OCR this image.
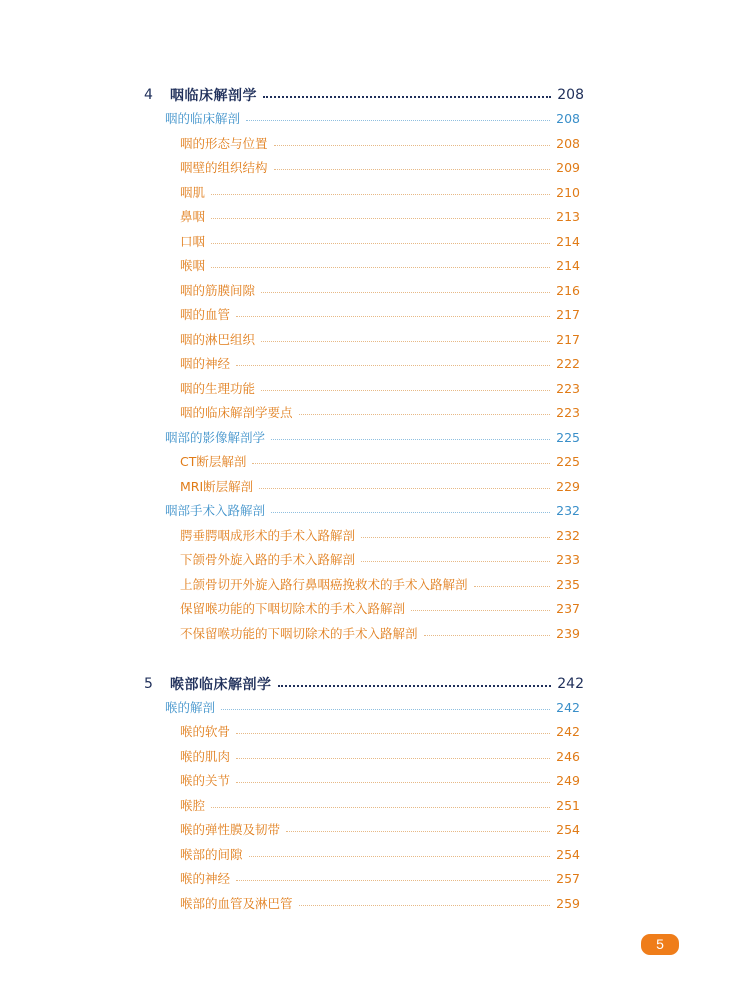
4	咽临床解剖学	208
咽的临床解剖	208
咽的形态与位置	208
咽壁的组织结构	209
咽肌	210
鼻咽	213
口咽	214
喉咽	214
咽的筋膜间隙	216
咽的血管	217
咽的淋巴组织	217
咽的神经	222
咽的生理功能	223
咽的临床解剖学要点	223
咽部的影像解剖学	225
CT断层解剖	225
MRI断层解剖	229
咽部手术入路解剖	232
腭垂腭咽成形术的手术入路解剖	232
下颌骨外旋入路的手术入路解剖	233
上颌骨切开外旋入路行鼻咽癌挽救术的手术入路解剖	235
保留喉功能的下咽切除术的手术入路解剖	237
不保留喉功能的下咽切除术的手术入路解剖	239
5	喉部临床解剖学	242
喉的解剖	242
喉的软骨	242
喉的肌肉	246
喉的关节	249
喉腔	251
喉的弹性膜及韧带	254
喉部的间隙	254
喉的神经	257
喉部的血管及淋巴管	259
5
